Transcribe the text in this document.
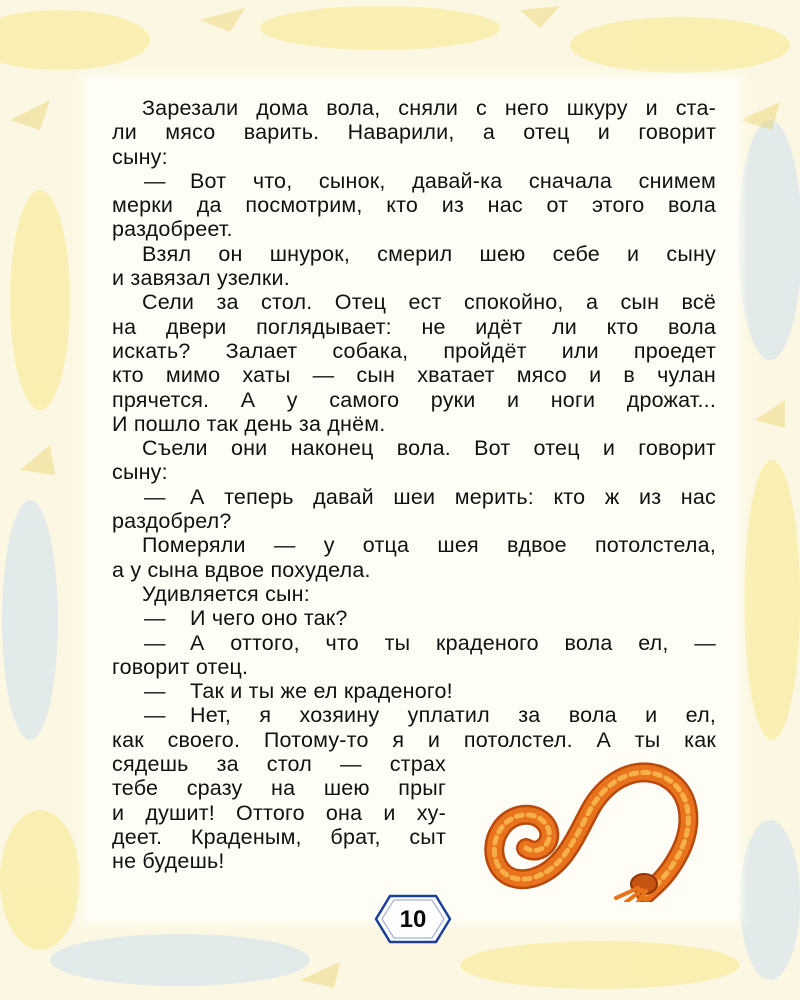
Зарезали дома вола, сняли с него шкуру и ста-
ли мясо варить. Наварили, а отец и говорит
сыну:
— Вот что, сынок, давай-ка сначала снимем
мерки да посмотрим, кто из нас от этого вола
раздобреет.
Взял он шнурок, смерил шею себе и сыну
и завязал узелки.
Сели за стол. Отец ест спокойно, а сын всё
на двери поглядывает: не идёт ли кто вола
искать? Залает собака, пройдёт или проедет
кто мимо хаты — сын хватает мясо и в чулан
прячется. А у самого руки и ноги дрожат...
И пошло так день за днём.
Съели они наконец вола. Вот отец и говорит
сыну:
— А теперь давай шеи мерить: кто ж из нас
раздобрел?
Померяли — у отца шея вдвое потолстела,
а у сына вдвое похудела.
Удивляется сын:
— И чего оно так?
— А оттого, что ты краденого вола ел, —
говорит отец.
— Так и ты же ел краденого!
— Нет, я хозяину уплатил за вола и ел,
как своего. Потому-то я и потолстел. А ты как
сядешь за стол — страх
тебе сразу на шею прыг
и душит! Оттого она и ху-
деет. Краденым, брат, сыт
не будешь!
10
